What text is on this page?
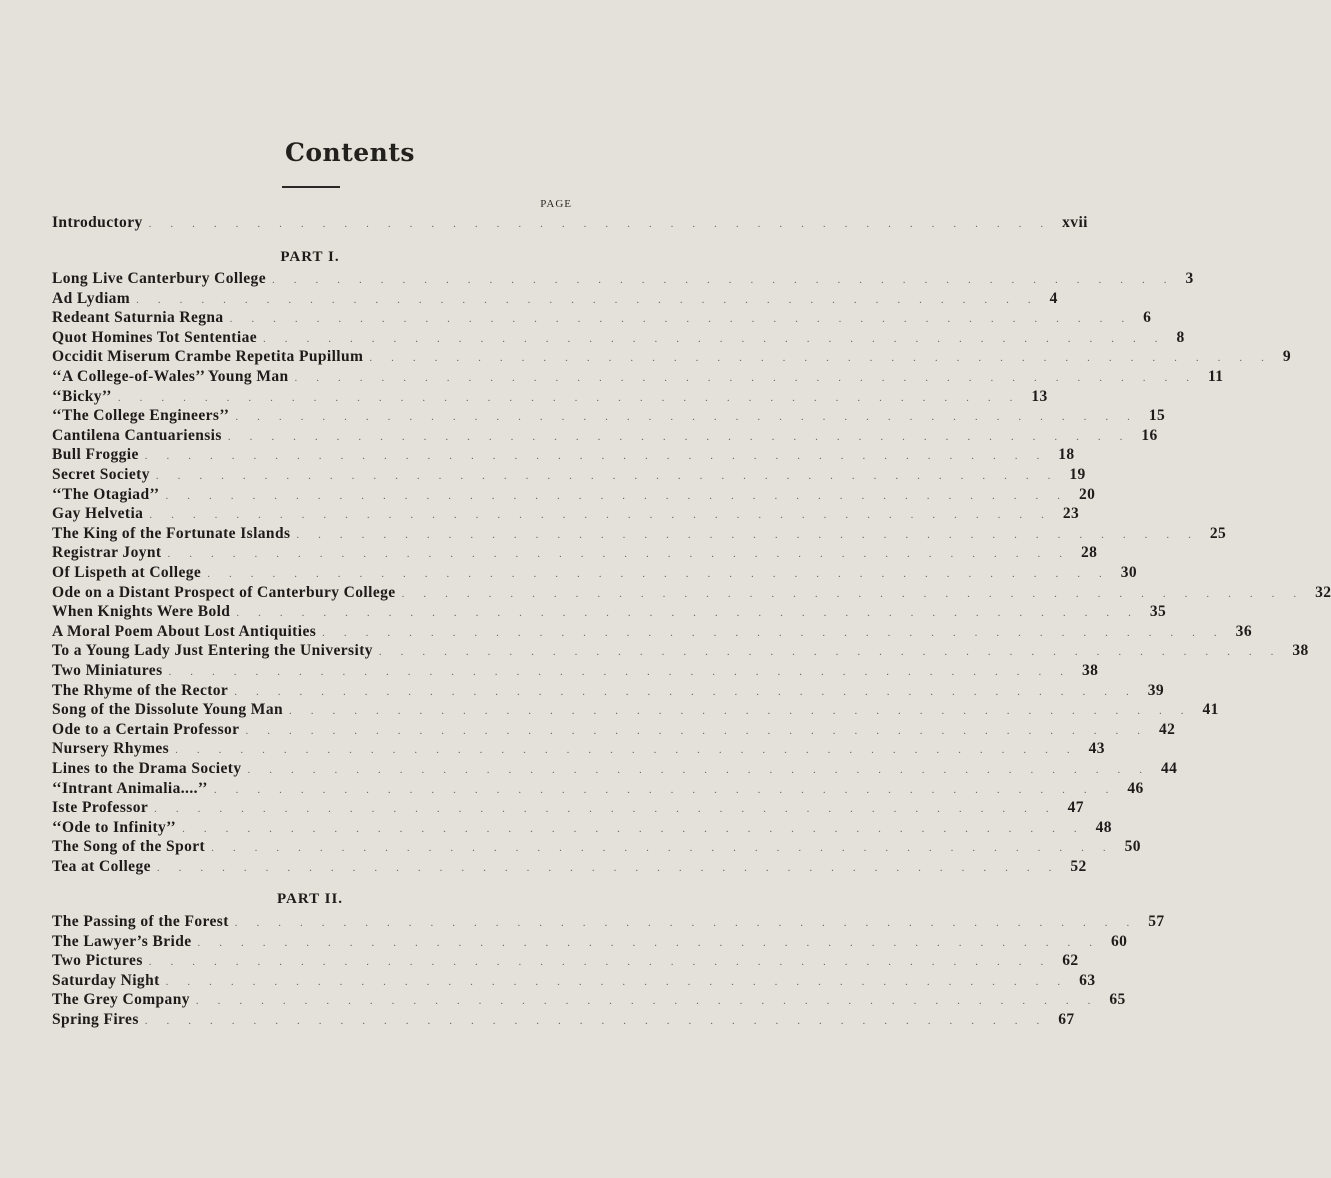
Contents
PAGE
Introductory .......................................... xvii
PART I.
Long Live Canterbury College .......................................... 3
Ad Lydiam .......................................... 4
Redeant Saturnia Regna .......................................... 6
Quot Homines Tot Sententiae .......................................... 8
Occidit Miserum Crambe Repetita Pupillum .......................................... 9
‘‘A College-of-Wales’’ Young Man .......................................... 11
‘‘Bicky’’ .......................................... 13
‘‘The College Engineers’’ .......................................... 15
Cantilena Cantuariensis .......................................... 16
Bull Froggie .......................................... 18
Secret Society .......................................... 19
‘‘The Otagiad’’ .......................................... 20
Gay Helvetia .......................................... 23
The King of the Fortunate Islands .......................................... 25
Registrar Joynt .......................................... 28
Of Lispeth at College .......................................... 30
Ode on a Distant Prospect of Canterbury College .......................................... 32
When Knights Were Bold .......................................... 35
A Moral Poem About Lost Antiquities .......................................... 36
To a Young Lady Just Entering the University .......................................... 38
Two Miniatures .......................................... 38
The Rhyme of the Rector .......................................... 39
Song of the Dissolute Young Man .......................................... 41
Ode to a Certain Professor .......................................... 42
Nursery Rhymes .......................................... 43
Lines to the Drama Society .......................................... 44
‘‘Intrant Animalia....’’ .......................................... 46
Iste Professor .......................................... 47
‘‘Ode to Infinity’’ .......................................... 48
The Song of the Sport .......................................... 50
Tea at College .......................................... 52
PART II.
The Passing of the Forest .......................................... 57
The Lawyer’s Bride .......................................... 60
Two Pictures .......................................... 62
Saturday Night .......................................... 63
The Grey Company .......................................... 65
Spring Fires .......................................... 67
